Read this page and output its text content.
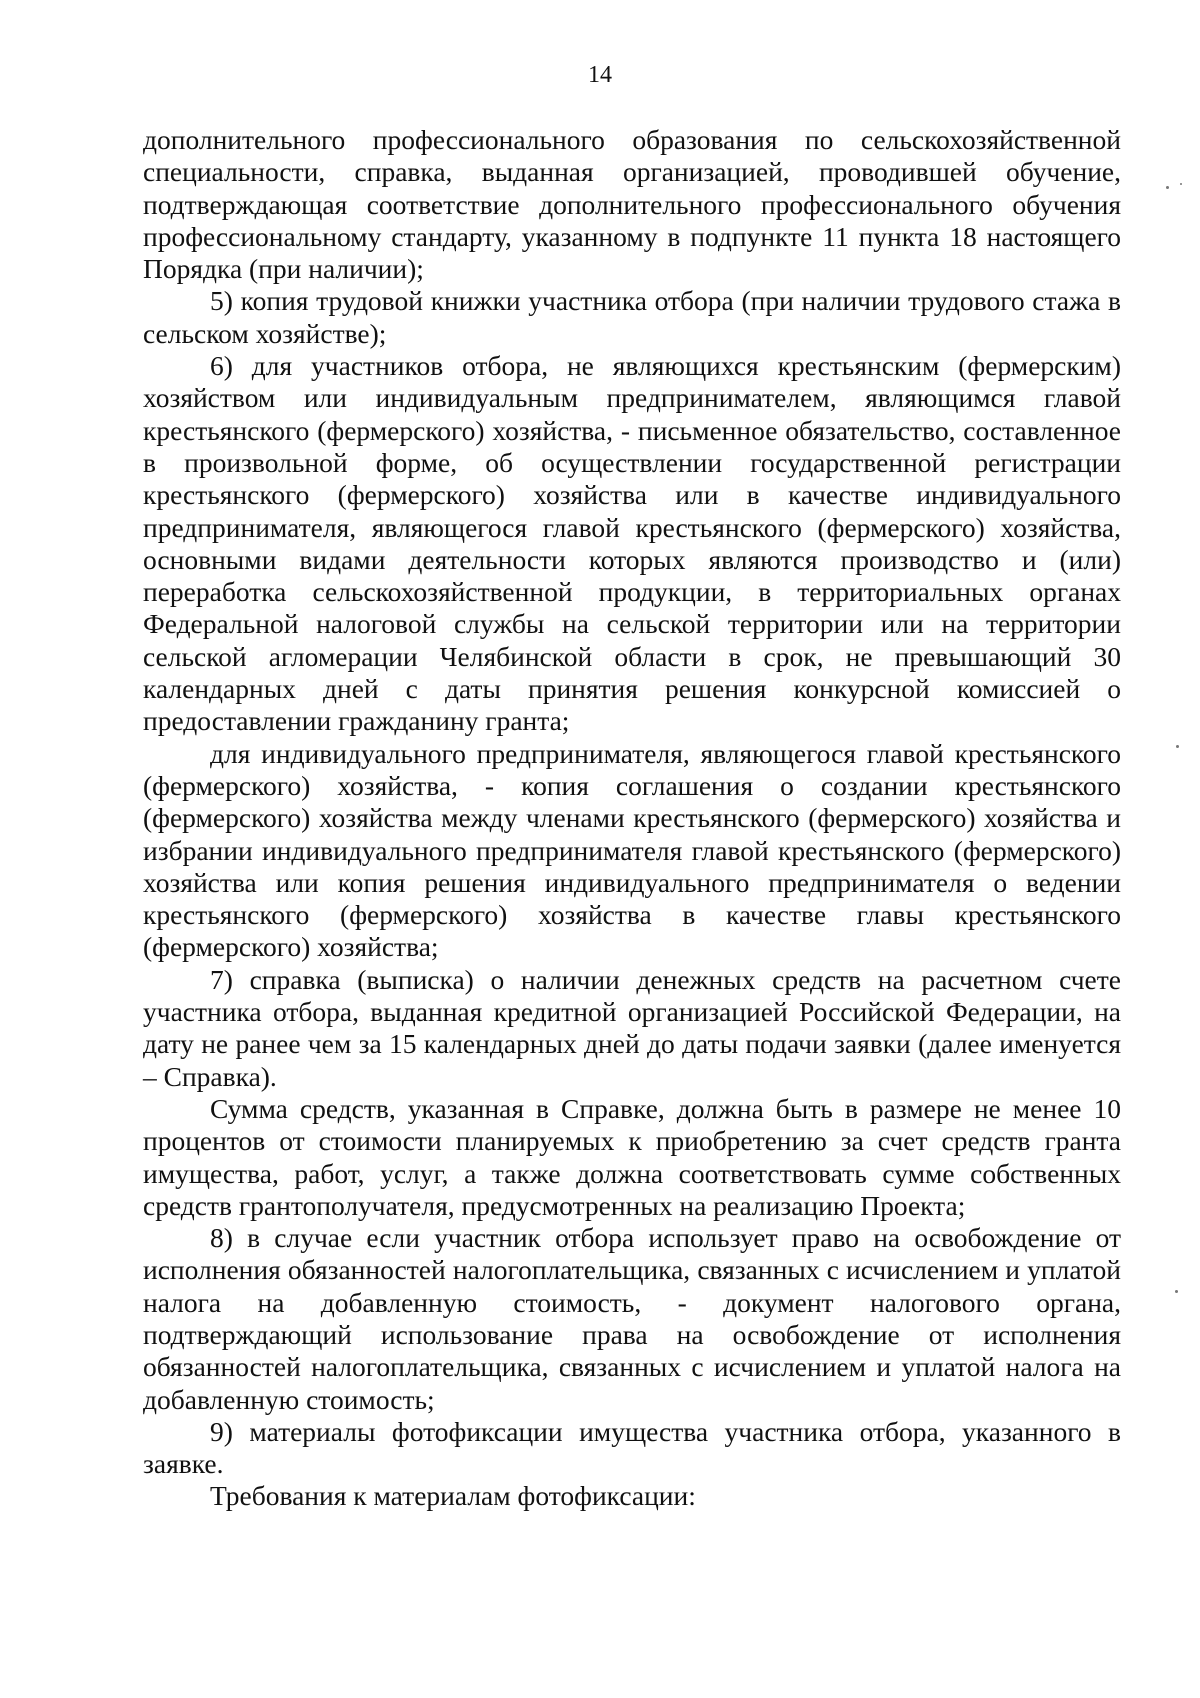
14

дополнительного профессионального образования по сельскохозяйственной специальности, справка, выданная организацией, проводившей обучение, подтверждающая соответствие дополнительного профессионального обучения профессиональному стандарту, указанному в подпункте 11 пункта 18 настоящего Порядка (при наличии);

5) копия трудовой книжки участника отбора (при наличии трудового стажа в сельском хозяйстве);

6) для участников отбора, не являющихся крестьянским (фермерским) хозяйством или индивидуальным предпринимателем, являющимся главой крестьянского (фермерского) хозяйства, - письменное обязательство, составленное в произвольной форме, об осуществлении государственной регистрации крестьянского (фермерского) хозяйства или в качестве индивидуального предпринимателя, являющегося главой крестьянского (фермерского) хозяйства, основными видами деятельности которых являются производство и (или) переработка сельскохозяйственной продукции, в территориальных органах Федеральной налоговой службы на сельской территории или на территории сельской агломерации Челябинской области в срок, не превышающий 30 календарных дней с даты принятия решения конкурсной комиссией о предоставлении гражданину гранта;

для индивидуального предпринимателя, являющегося главой крестьянского (фермерского) хозяйства, - копия соглашения о создании крестьянского (фермерского) хозяйства между членами крестьянского (фермерского) хозяйства и избрании индивидуального предпринимателя главой крестьянского (фермерского) хозяйства или копия решения индивидуального предпринимателя о ведении крестьянского (фермерского) хозяйства в качестве главы крестьянского (фермерского) хозяйства;

7) справка (выписка) о наличии денежных средств на расчетном счете участника отбора, выданная кредитной организацией Российской Федерации, на дату не ранее чем за 15 календарных дней до даты подачи заявки (далее именуется – Справка).

Сумма средств, указанная в Справке, должна быть в размере не менее 10 процентов от стоимости планируемых к приобретению за счет средств гранта имущества, работ, услуг, а также должна соответствовать сумме собственных средств грантополучателя, предусмотренных на реализацию Проекта;

8) в случае если участник отбора использует право на освобождение от исполнения обязанностей налогоплательщика, связанных с исчислением и уплатой налога на добавленную стоимость, - документ налогового органа, подтверждающий использование права на освобождение от исполнения обязанностей налогоплательщика, связанных с исчислением и уплатой налога на добавленную стоимость;

9) материалы фотофиксации имущества участника отбора, указанного в заявке.

Требования к материалам фотофиксации:
